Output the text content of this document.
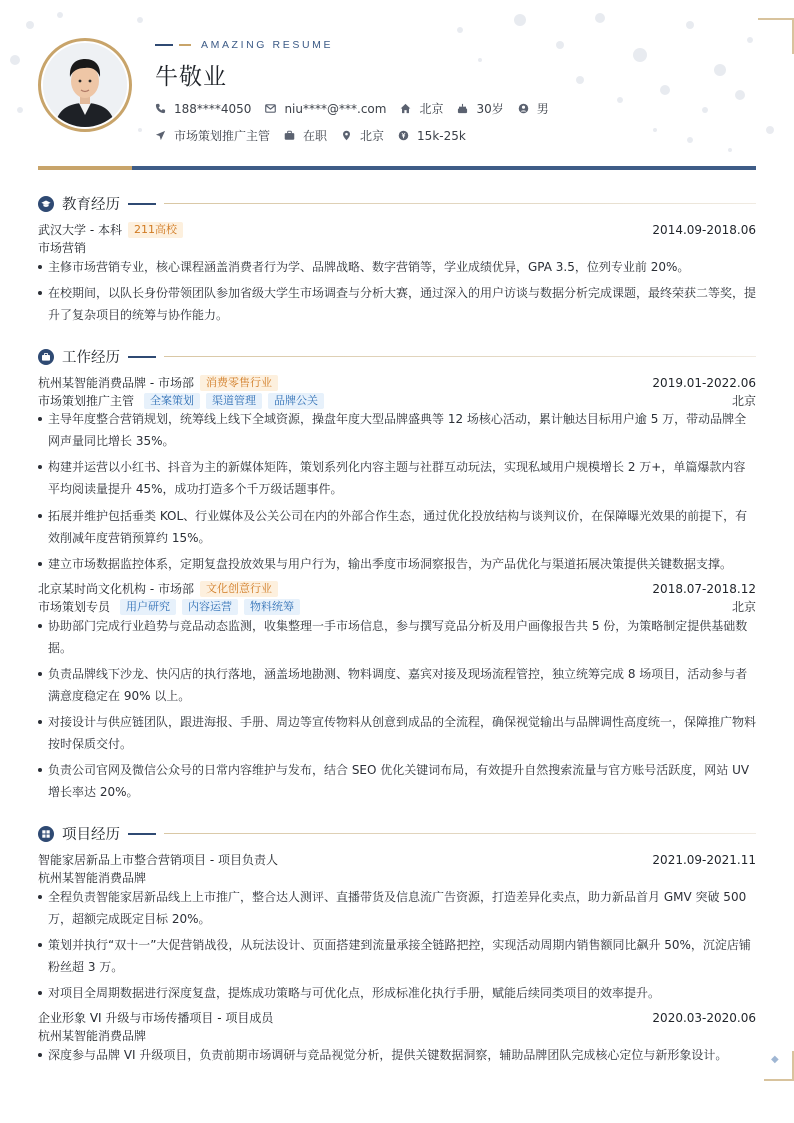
◆
AMAZING RESUME
牛敬业
188****4050	niu****@***.com	北京	30岁	男
市场策划推广主管	在职	北京	15k-25k
教育经历
武汉大学 - 本科	211高校	2014.09-2018.06
市场营销
主修市场营销专业，核心课程涵盖消费者行为学、品牌战略、数字营销等，学业成绩优异，GPA 3.5，位列专业前 20%。
在校期间，以队长身份带领团队参加省级大学生市场调查与分析大赛，通过深入的用户访谈与数据分析完成课题，最终荣获二等奖，提升了复杂项目的统筹与协作能力。
工作经历
杭州某智能消费品牌 - 市场部	消费零售行业	2019.01-2022.06
市场策划推广主管	全案策划	渠道管理	品牌公关	北京
主导年度整合营销规划，统筹线上线下全域资源，操盘年度大型品牌盛典等 12 场核心活动，累计触达目标用户逾 5 万，带动品牌全网声量同比增长 35%。
构建并运营以小红书、抖音为主的新媒体矩阵，策划系列化内容主题与社群互动玩法，实现私域用户规模增长 2 万+，单篇爆款内容平均阅读量提升 45%，成功打造多个千万级话题事件。
拓展并维护包括垂类 KOL、行业媒体及公关公司在内的外部合作生态，通过优化投放结构与谈判议价，在保障曝光效果的前提下，有效削减年度营销预算约 15%。
建立市场数据监控体系，定期复盘投放效果与用户行为，输出季度市场洞察报告，为产品优化与渠道拓展决策提供关键数据支撑。
北京某时尚文化机构 - 市场部	文化创意行业	2018.07-2018.12
市场策划专员	用户研究	内容运营	物料统筹	北京
协助部门完成行业趋势与竞品动态监测，收集整理一手市场信息，参与撰写竞品分析及用户画像报告共 5 份，为策略制定提供基础数据。
负责品牌线下沙龙、快闪店的执行落地，涵盖场地勘测、物料调度、嘉宾对接及现场流程管控，独立统筹完成 8 场项目，活动参与者满意度稳定在 90% 以上。
对接设计与供应链团队，跟进海报、手册、周边等宣传物料从创意到成品的全流程，确保视觉输出与品牌调性高度统一，保障推广物料按时保质交付。
负责公司官网及微信公众号的日常内容维护与发布，结合 SEO 优化关键词布局，有效提升自然搜索流量与官方账号活跃度，网站 UV 增长率达 20%。
项目经历
智能家居新品上市整合营销项目 - 项目负责人	2021.09-2021.11
杭州某智能消费品牌
全程负责智能家居新品线上上市推广，整合达人测评、直播带货及信息流广告资源，打造差异化卖点，助力新品首月 GMV 突破 500 万，超额完成既定目标 20%。
策划并执行“双十一”大促营销战役，从玩法设计、页面搭建到流量承接全链路把控，实现活动周期内销售额同比飙升 50%，沉淀店铺粉丝超 3 万。
对项目全周期数据进行深度复盘，提炼成功策略与可优化点，形成标准化执行手册，赋能后续同类项目的效率提升。
企业形象 VI 升级与市场传播项目 - 项目成员	2020.03-2020.06
杭州某智能消费品牌
深度参与品牌 VI 升级项目，负责前期市场调研与竞品视觉分析，提供关键数据洞察，辅助品牌团队完成核心定位与新形象设计。
